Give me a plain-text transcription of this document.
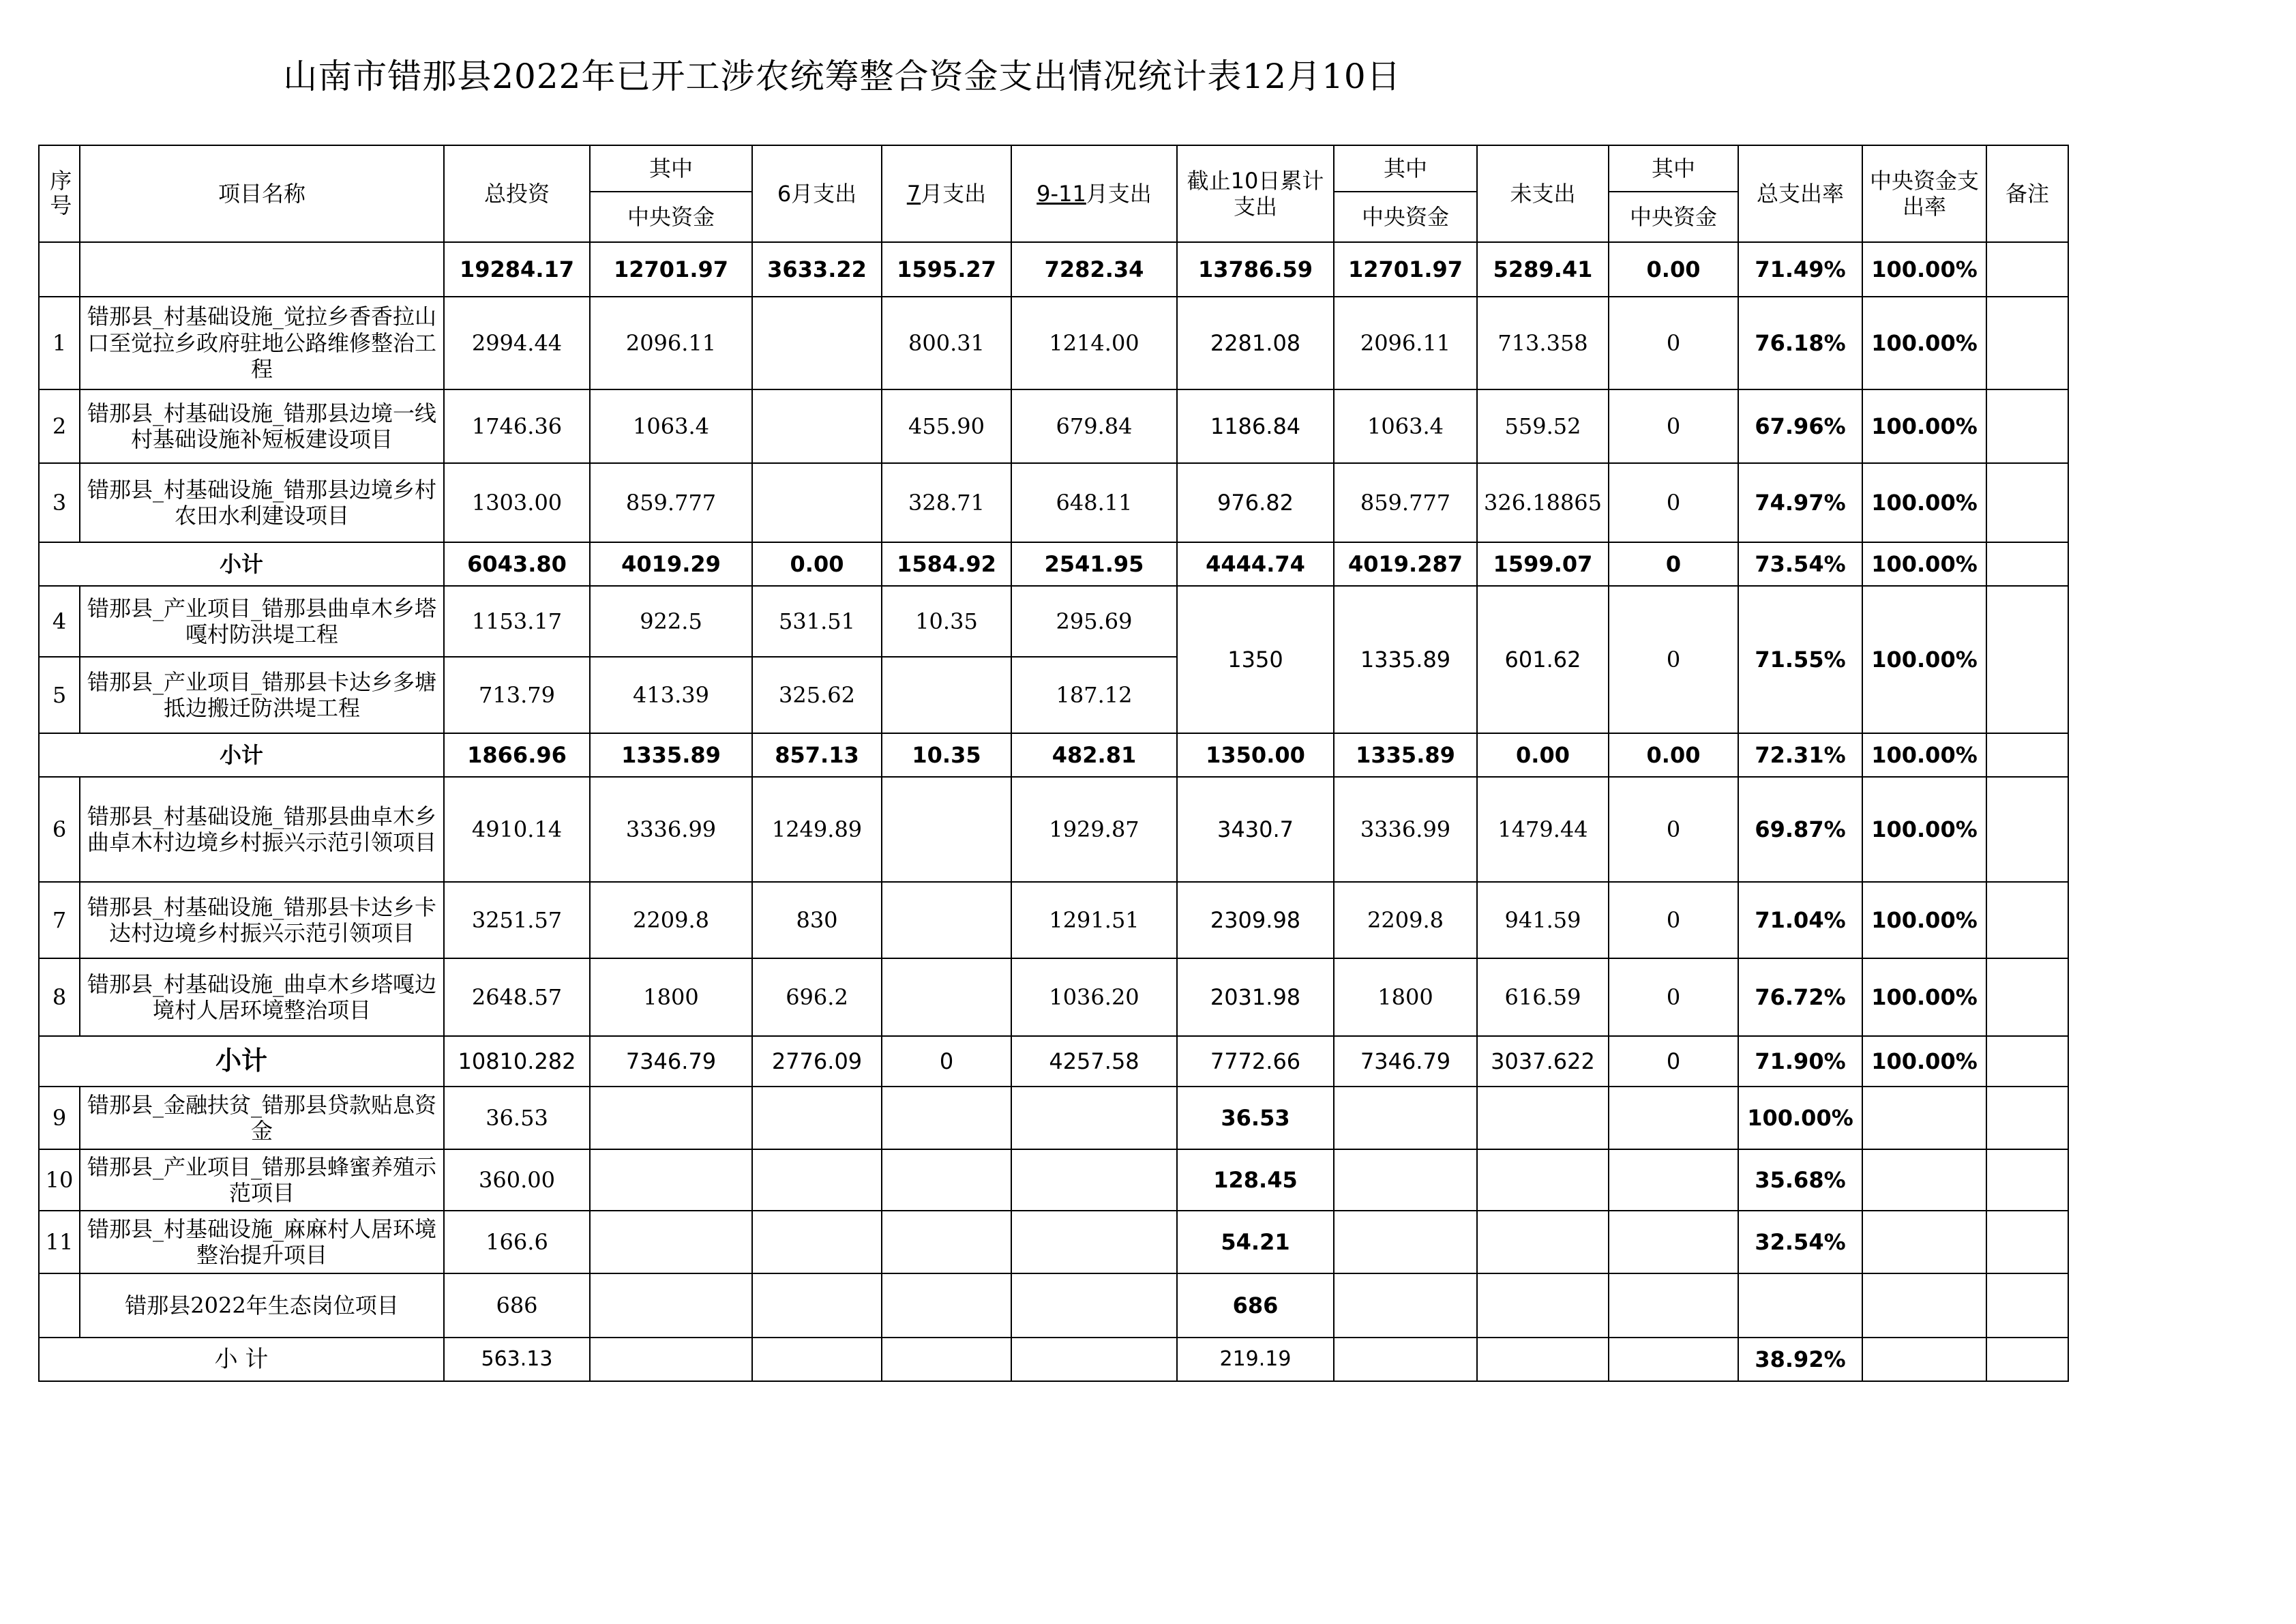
山南市错那县2022年已开工涉农统筹整合资金支出情况统计表12月10日
序号	项目名称	总投资	其中	6月支出	7月支出	9-11月支出	截止10日累计支出	其中	未支出	其中	总支出率	中央资金支出率	备注
			中央资金					中央资金		中央资金			
		19284.17	12701.97	3633.22	1595.27	7282.34	13786.59	12701.97	5289.41	0.00	71.49%	100.00%	
1	错那县_村基础设施_觉拉乡香香拉山口至觉拉乡政府驻地公路维修整治工程	2994.44	2096.11		800.31	1214.00	2281.08	2096.11	713.358	0	76.18%	100.00%	
2	错那县_村基础设施_错那县边境一线村基础设施补短板建设项目	1746.36	1063.4		455.90	679.84	1186.84	1063.4	559.52	0	67.96%	100.00%	
3	错那县_村基础设施_错那县边境乡村农田水利建设项目	1303.00	859.777		328.71	648.11	976.82	859.777	326.18865	0	74.97%	100.00%	
小计		6043.80	4019.29	0.00	1584.92	2541.95	4444.74	4019.287	1599.07	0	73.54%	100.00%	
4	错那县_产业项目_错那县曲卓木乡塔嘎村防洪堤工程	1153.17	922.5	531.51	10.35	295.69	1350	1335.89	601.62	0	71.55%	100.00%	
5	错那县_产业项目_错那县卡达乡多塘抵边搬迁防洪堤工程	713.79	413.39	325.62		187.12							
小计		1866.96	1335.89	857.13	10.35	482.81	1350.00	1335.89	0.00	0.00	72.31%	100.00%	
6	错那县_村基础设施_错那县曲卓木乡曲卓木村边境乡村振兴示范引领项目	4910.14	3336.99	1249.89		1929.87	3430.7	3336.99	1479.44	0	69.87%	100.00%	
7	错那县_村基础设施_错那县卡达乡卡达村边境乡村振兴示范引领项目	3251.57	2209.8	830		1291.51	2309.98	2209.8	941.59	0	71.04%	100.00%	
8	错那县_村基础设施_曲卓木乡塔嘎边境村人居环境整治项目	2648.57	1800	696.2		1036.20	2031.98	1800	616.59	0	76.72%	100.00%	
小计		10810.282	7346.79	2776.09	0	4257.58	7772.66	7346.79	3037.622	0	71.90%	100.00%	
9	错那县_金融扶贫_错那县贷款贴息资金	36.53					36.53				100.00%		
10	错那县_产业项目_错那县蜂蜜养殖示范项目	360.00					128.45				35.68%		
11	错那县_村基础设施_麻麻村人居环境整治提升项目	166.6					54.21				32.54%		
	错那县2022年生态岗位项目	686					686						
小 计		563.13					219.19				38.92%		
